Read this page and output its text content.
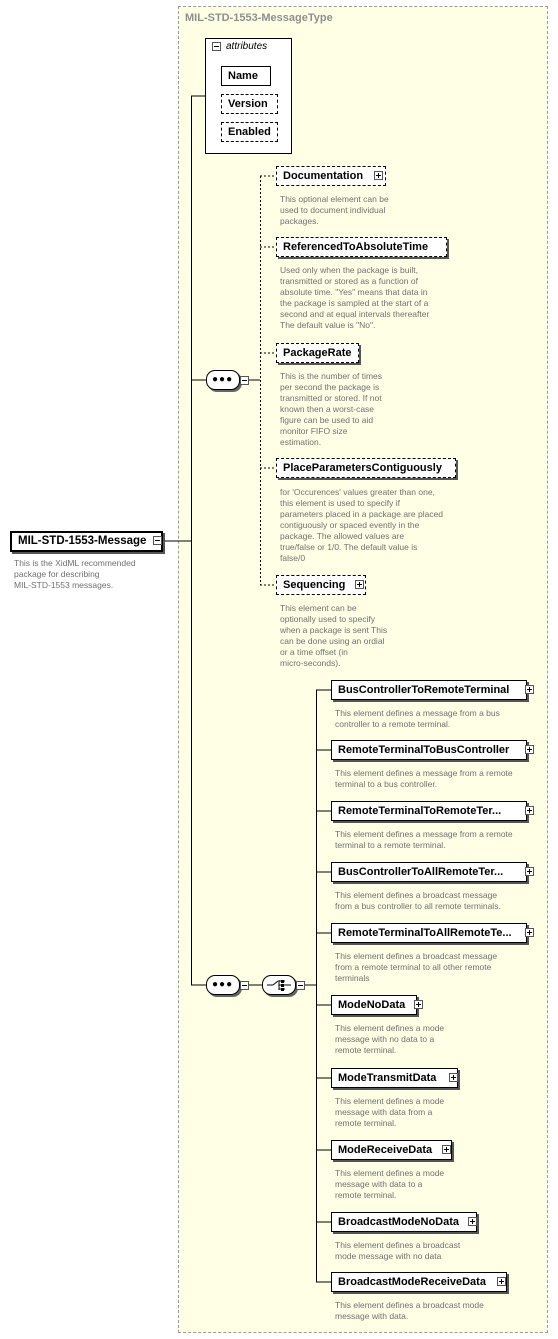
MIL-STD-1553-MessageType
MIL-STD-1553-Message
This is the XidML recommended
package for describing
MIL-STD-1553 messages.
attributes
Name
Version
Enabled
●●●
Documentation
This optional element can be
used to document individual
packages.
ReferencedToAbsoluteTime
Used only when the package is built,
transmitted or stored as a function of
absolute time. "Yes" means that data in
the package is sampled at the start of a
second and at equal intervals thereafter
The default value is "No".
PackageRate
This is the number of times
per second the package is
transmitted or stored. If not
known then a worst-case
figure can be used to aid
monitor FIFO size
estimation.
PlaceParametersContiguously
for 'Occurences' values greater than one,
this element is used to specify if
parameters placed in a package are placed
contiguously or spaced evently in the
package. The allowed values are
true/false or 1/0. The default value is
false/0
Sequencing
This element can be
optionally used to specify
when a package is sent This
can be done using an ordial
or a time offset (in
micro-seconds).
●●●
BusControllerToRemoteTerminal
This element defines a message from a bus
controller to a remote terminal.
RemoteTerminalToBusController
This element defines a message from a remote
terminal to a bus controller.
RemoteTerminalToRemoteTer...
This element defines a message from a remote
terminal to a remote terminal.
BusControllerToAllRemoteTer...
This element defines a broadcast message
from a bus controller to all remote terminals.
RemoteTerminalToAllRemoteTe...
This element defines a broadcast message
from a remote terminal to all other remote
terminals
ModeNoData
This element defines a mode
message with no data to a
remote terminal.
ModeTransmitData
This element defines a mode
message with data from a
remote terminal.
ModeReceiveData
This element defines a mode
message with data to a
remote terminal.
BroadcastModeNoData
This element defines a broadcast
mode message with no data
BroadcastModeReceiveData
This element defines a broadcast mode
message with data.
